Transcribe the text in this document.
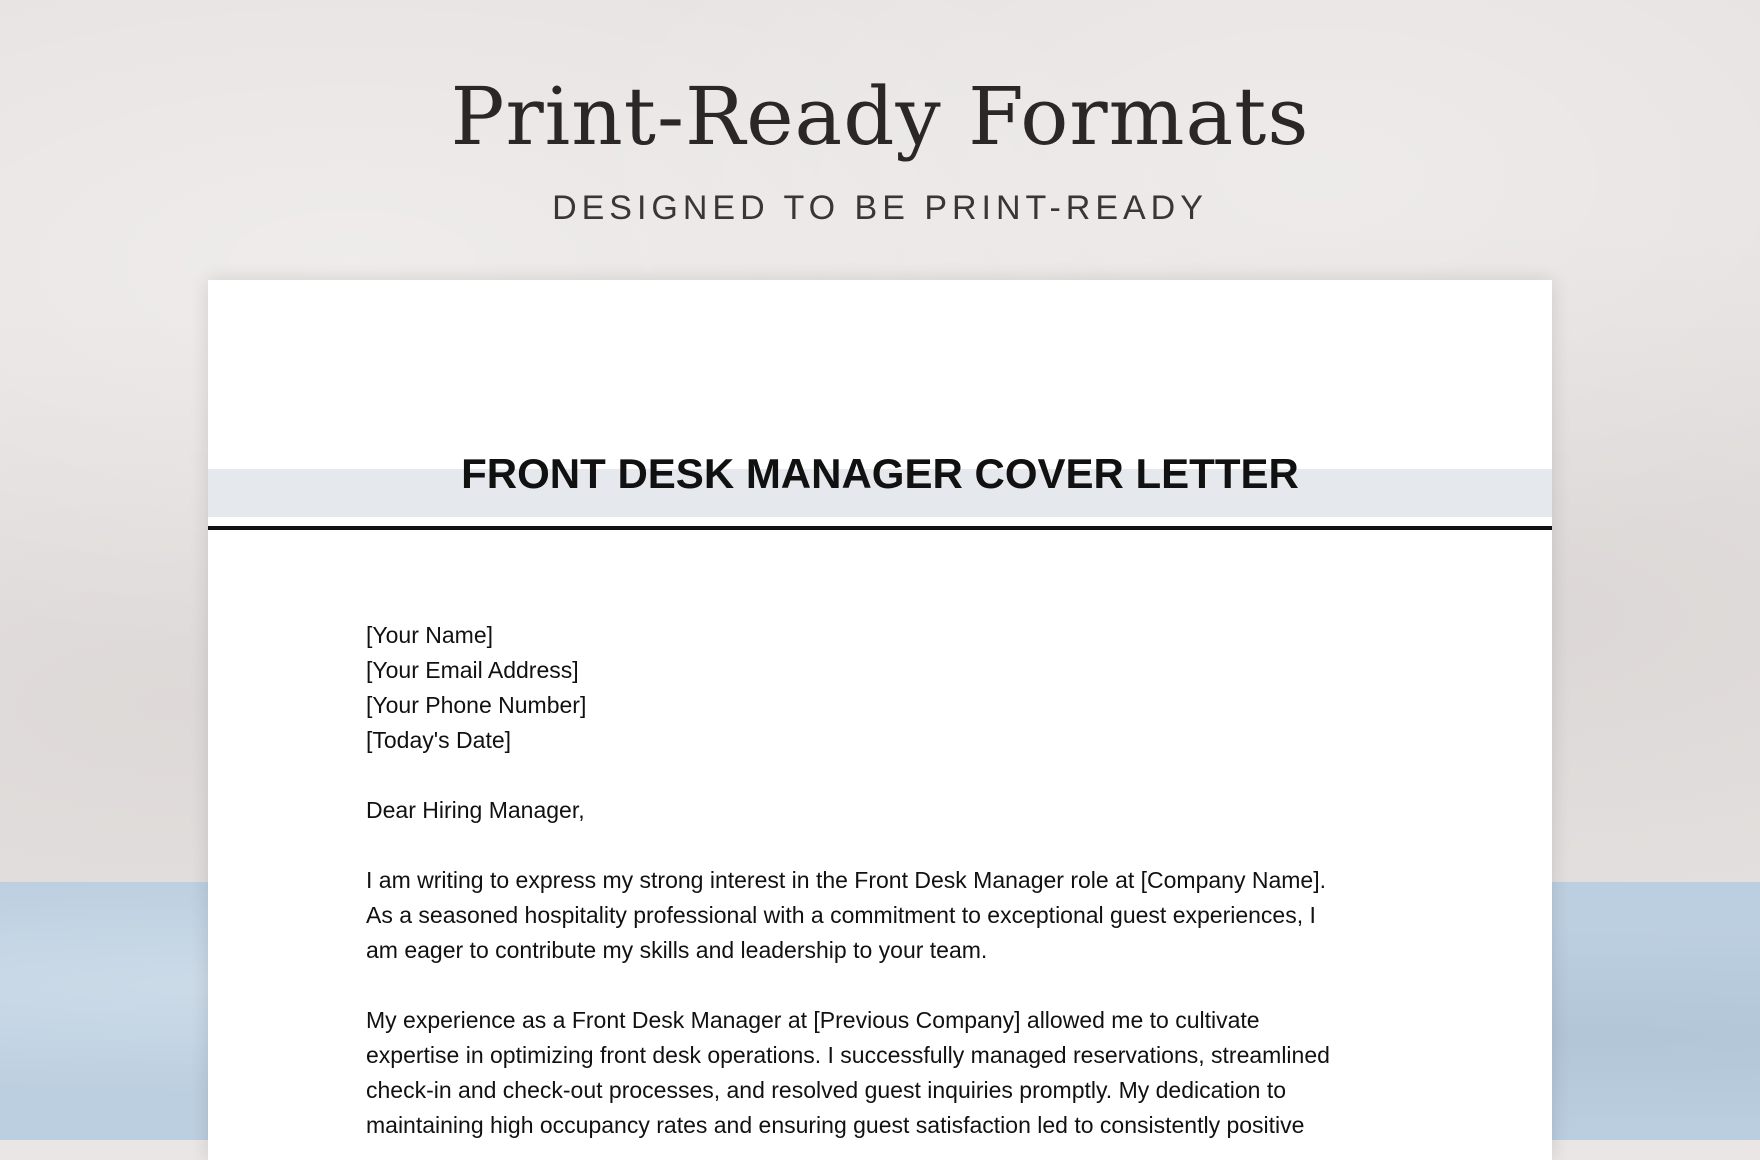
Print-Ready Formats

DESIGNED TO BE PRINT-READY

FRONT DESK MANAGER COVER LETTER
[Your Name]
[Your Email Address]
[Your Phone Number]
[Today's Date]
Dear Hiring Manager,
I am writing to express my strong interest in the Front Desk Manager role at [Company Name].
As a seasoned hospitality professional with a commitment to exceptional guest experiences, I
am eager to contribute my skills and leadership to your team.
My experience as a Front Desk Manager at [Previous Company] allowed me to cultivate
expertise in optimizing front desk operations. I successfully managed reservations, streamlined
check-in and check-out processes, and resolved guest inquiries promptly. My dedication to
maintaining high occupancy rates and ensuring guest satisfaction led to consistently positive
